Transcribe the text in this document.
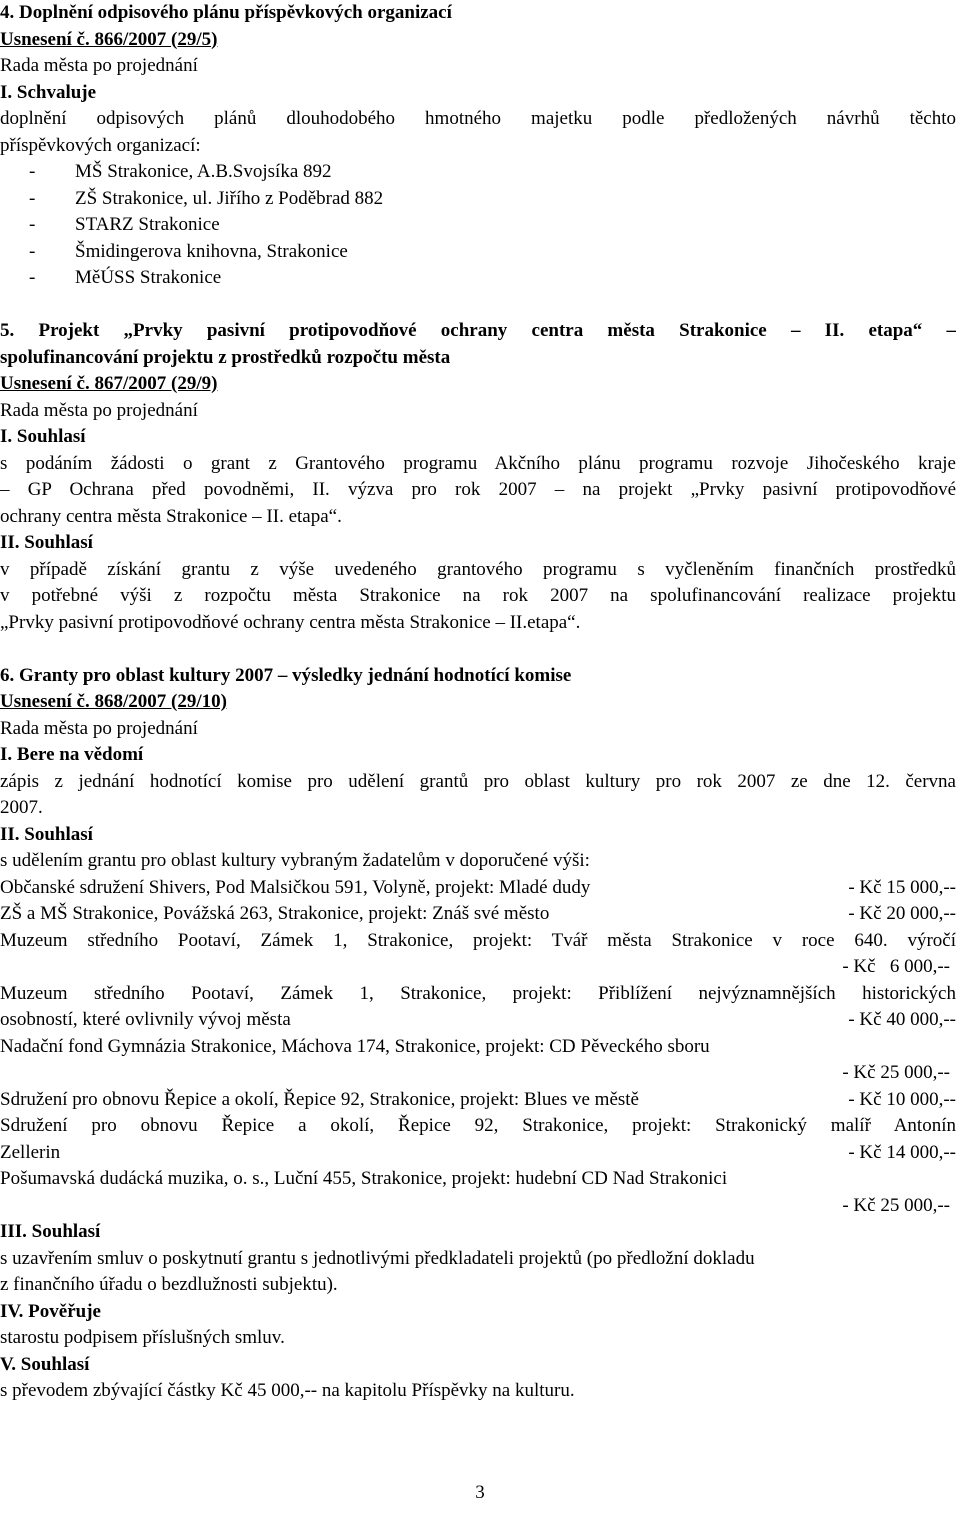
4. Doplnění odpisového plánu příspěvkových organizací
Usnesení č. 866/2007 (29/5)
Rada města po projednání
I. Schvaluje
doplnění odpisových plánů dlouhodobého hmotného majetku podle předložených návrhů těchto
příspěvkových organizací:
- MŠ Strakonice, A.B.Svojsíka 892
- ZŠ Strakonice, ul. Jiřího z Poděbrad 882
- STARZ Strakonice
- Šmidingerova knihovna, Strakonice
- MěÚSS Strakonice
5. Projekt „Prvky pasivní protipovodňové ochrany centra města Strakonice – II. etapa“ –
spolufinancování projektu z prostředků rozpočtu města
Usnesení č. 867/2007 (29/9)
Rada města po projednání
I. Souhlasí
s podáním žádosti o grant z Grantového programu Akčního plánu programu rozvoje Jihočeského kraje
– GP Ochrana před povodněmi, II. výzva pro rok 2007 – na projekt „Prvky pasivní protipovodňové
ochrany centra města Strakonice – II. etapa“.
II. Souhlasí
v případě získání grantu z výše uvedeného grantového programu s vyčleněním finančních prostředků
v potřebné výši z rozpočtu města Strakonice na rok 2007 na spolufinancování realizace projektu
„Prvky pasivní protipovodňové ochrany centra města Strakonice – II.etapa“.
6. Granty pro oblast kultury 2007 – výsledky jednání hodnotící komise
Usnesení č. 868/2007 (29/10)
Rada města po projednání
I. Bere na vědomí
zápis z jednání hodnotící komise pro udělení grantů pro oblast kultury pro rok 2007 ze dne 12. června
2007.
II. Souhlasí
s udělením grantu pro oblast kultury vybraným žadatelům v doporučené výši:
Občanské sdružení Shivers, Pod Malsičkou 591, Volyně, projekt: Mladé dudy	- Kč 15 000,--
ZŠ a MŠ Strakonice, Povážská 263, Strakonice, projekt: Znáš své město	- Kč 20 000,--
Muzeum středního Pootaví, Zámek 1, Strakonice, projekt: Tvář města Strakonice v roce 640. výročí
- Kč   6 000,--
Muzeum středního Pootaví, Zámek 1, Strakonice, projekt: Přiblížení nejvýznamnějších historických
osobností, které ovlivnily vývoj města	- Kč 40 000,--
Nadační fond Gymnázia Strakonice, Máchova 174, Strakonice, projekt: CD Pěveckého sboru
- Kč 25 000,--
Sdružení pro obnovu Řepice a okolí, Řepice 92, Strakonice, projekt: Blues ve městě	- Kč 10 000,--
Sdružení pro obnovu Řepice a okolí, Řepice 92, Strakonice, projekt: Strakonický malíř Antonín
Zellerin	- Kč 14 000,--
Pošumavská dudácká muzika, o. s., Luční 455, Strakonice, projekt: hudební CD Nad Strakonici
- Kč 25 000,--
III. Souhlasí
s uzavřením smluv o poskytnutí grantu s jednotlivými předkladateli projektů (po předložní dokladu
z finančního úřadu o bezdlužnosti subjektu).
IV. Pověřuje
starostu podpisem příslušných smluv.
V. Souhlasí
s převodem zbývající částky Kč 45 000,-- na kapitolu Příspěvky na kulturu.
3
